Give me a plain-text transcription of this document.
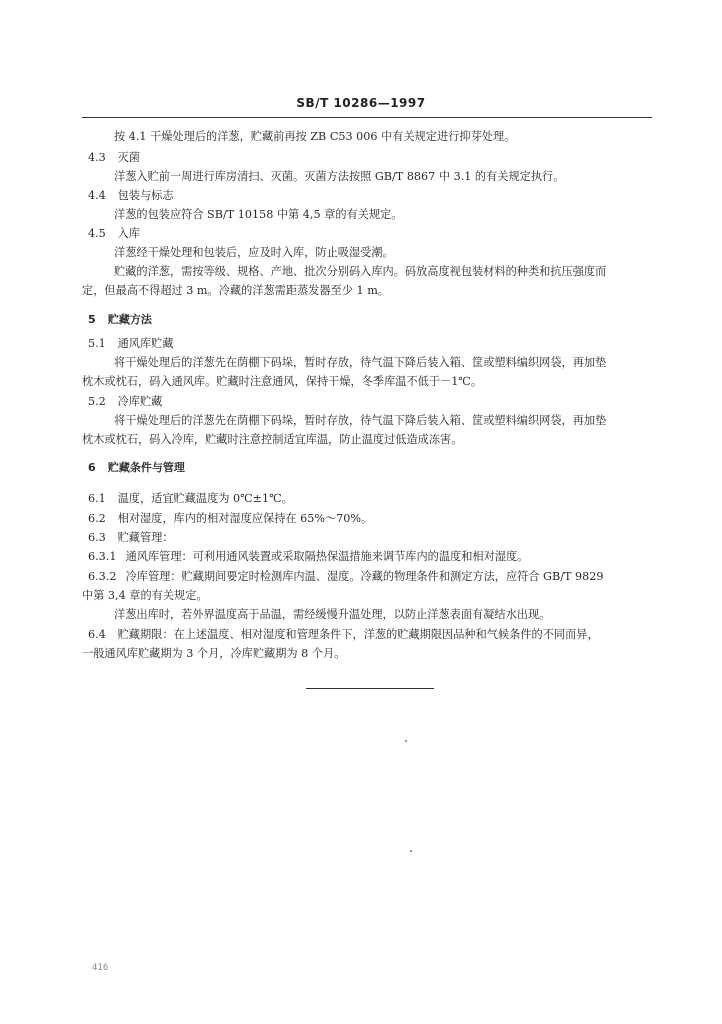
SB/T 10286—1997
按 4.1 干燥处理后的洋葱，贮藏前再按 ZB C53 006 中有关规定进行抑芽处理。
4.3 灭菌
洋葱入贮前一周进行库房清扫、灭菌。灭菌方法按照 GB/T 8867 中 3.1 的有关规定执行。
4.4 包装与标志
洋葱的包装应符合 SB/T 10158 中第 4,5 章的有关规定。
4.5 入库
洋葱经干燥处理和包装后，应及时入库，防止吸湿受潮。
贮藏的洋葱，需按等级、规格、产地、批次分别码入库内。码放高度视包装材料的种类和抗压强度而
定，但最高不得超过 3 m。冷藏的洋葱需距蒸发器至少 1 m。
5 贮藏方法
5.1 通风库贮藏
将干燥处理后的洋葱先在荫棚下码垛，暂时存放，待气温下降后装入箱、筐或塑料编织网袋，再加垫
枕木或枕石，码入通风库。贮藏时注意通风，保持干燥，冬季库温不低于－1℃。
5.2 冷库贮藏
将干燥处理后的洋葱先在荫棚下码垛，暂时存放，待气温下降后装入箱、筐或塑料编织网袋，再加垫
枕木或枕石，码入冷库，贮藏时注意控制适宜库温，防止温度过低造成冻害。
6 贮藏条件与管理
6.1 温度，适宜贮藏温度为 0℃±1℃。
6.2 相对湿度，库内的相对湿度应保持在 65%～70%。
6.3 贮藏管理：
6.3.1 通风库管理：可利用通风装置或采取隔热保温措施来调节库内的温度和相对湿度。
6.3.2 冷库管理：贮藏期间要定时检测库内温、湿度。冷藏的物理条件和测定方法，应符合 GB/T 9829
中第 3,4 章的有关规定。
洋葱出库时，若外界温度高于品温，需经缓慢升温处理，以防止洋葱表面有凝结水出现。
6.4 贮藏期限：在上述温度、相对湿度和管理条件下，洋葱的贮藏期限因品种和气候条件的不同而异，
一般通风库贮藏期为 3 个月，冷库贮藏期为 8 个月。
416
